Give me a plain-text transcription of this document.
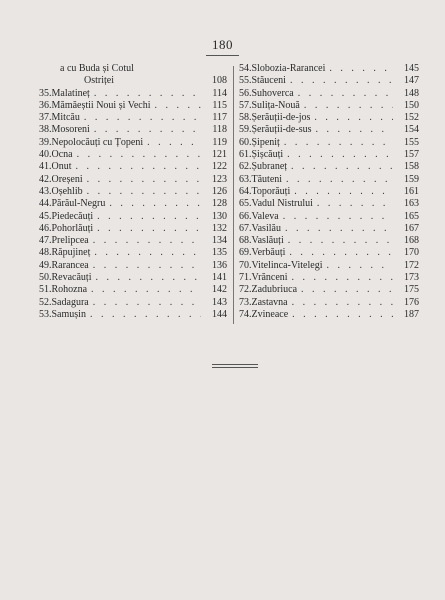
180
a cu Buda și Cotul
Ostriței	108
35. Malatineț . . .	114
36. Mămăeștii Noui și Vechi . . .	115
37. Mitcău . . .	117
38. Mosoreni . . .	118
39. Nepolocăuți cu Țopeni . . .	119
40. Ocna . . .	121
41. Onut . . .	122
42. Oreșeni . . .	123
43. Oșehlib . . .	126
44. Părăul-Negru . . .	128
45. Piedecăuți . . .	130
46. Pohorlăuți . . .	132
47. Prelipcea . . .	134
48. Răpujineț . . .	135
49. Rarancea . . .	136
50. Revacăuți . . .	141
51. Rohozna . . .	142
52. Sadagura . . .	143
53. Samușin . . .	144
54. Slobozia-Rarancei . . .	145
55. Stăuceni . . .	147
56. Suhoverca . . .	148
57. Sulița-Nouă . . .	150
58. Șerăuții-de-jos . . .	152
59. Șerăuții-de-sus . . .	154
60. Șipeniț . . .	155
61. Șișcăuți . . .	157
62. Șubraneț . . .	158
63. Tăuteni . . .	159
64. Toporăuți . . .	161
65. Vadul Nistrului . . .	163
66. Valeva . . .	165
67. Vasilău . . .	167
68. Vaslăuți . . .	168
69. Verbăuți . . .	170
70. Vitelinca-Vitelegi . . .	172
71. Vrănceni . . .	173
72. Zadubriuca . . .	175
73. Zastavna . . .	176
74. Zvineace . . .	187
